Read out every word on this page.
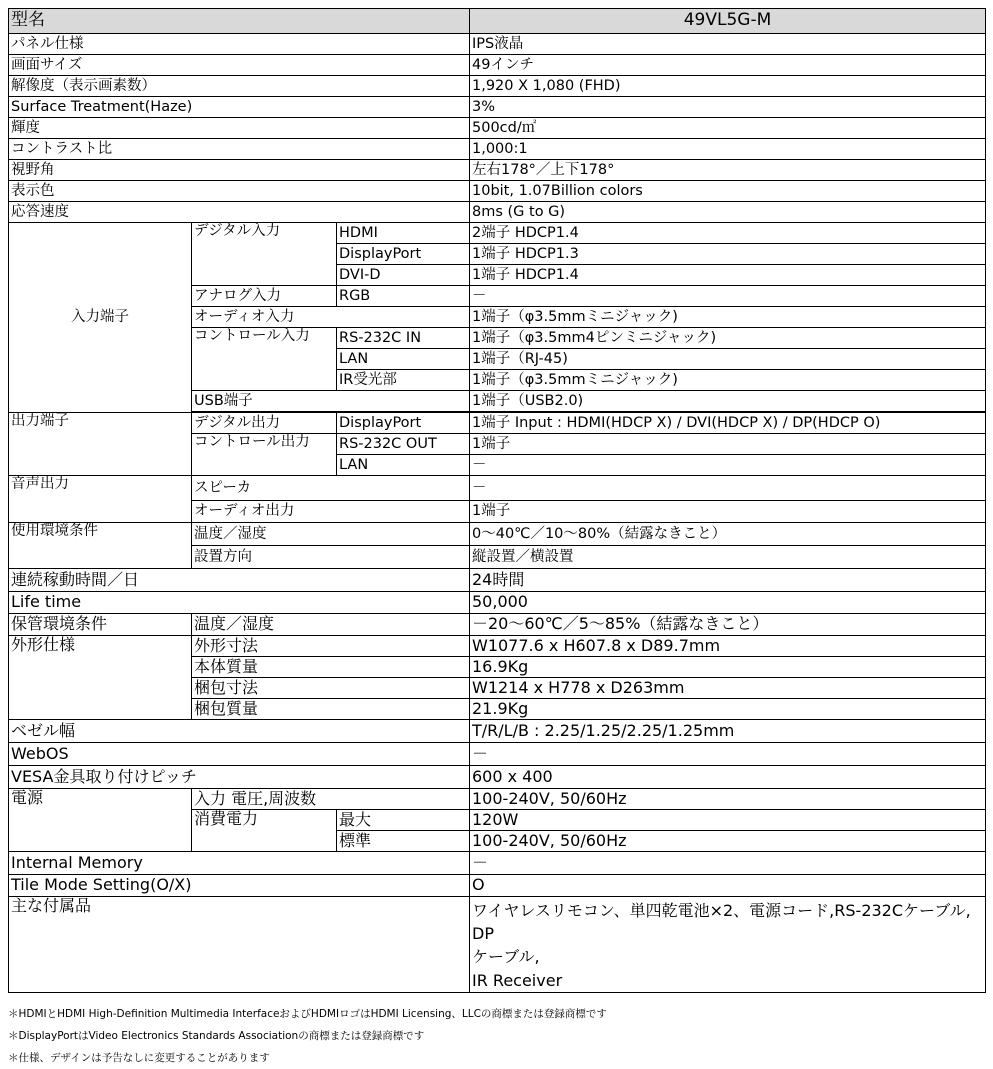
型名			49VL5G-M
パネル仕様			IPS液晶
画面サイズ			49インチ
解像度（表示画素数）			1,920 X 1,080 (FHD)
Surface Treatment(Haze)			3%
輝度			500cd/㎡
コントラスト比			1,000:1
視野角			左右178°／上下178°
表示色			10bit, 1.07Billion colors
応答速度			8ms (G to G)
入力端子	デジタル入力	HDMI	2端子 HDCP1.4
		DisplayPort	1端子 HDCP1.3
		DVI-D	1端子 HDCP1.4
	アナログ入力	RGB	－
	オーディオ入力		1端子（φ3.5mmミニジャック)
	コントロール入力	RS-232C IN	1端子（φ3.5mm4ピンミニジャック)
		LAN	1端子（RJ-45)
		IR受光部	1端子（φ3.5mmミニジャック)
	USB端子		1端子（USB2.0)

出力端子	デジタル出力	DisplayPort	1端子 Input : HDMI(HDCP X) / DVI(HDCP X) / DP(HDCP O)
	コントロール出力	RS-232C OUT	1端子
		LAN	－
音声出力	スピーカ		－
	オーディオ出力		1端子
使用環境条件	温度／湿度		0～40℃／10～80%（結露なきこと）
	設置方向		縦設置／横設置
連続稼動時間／日			24時間
Life time			50,000
保管環境条件	温度／湿度		－20～60℃／5～85%（結露なきこと）
外形仕様	外形寸法		W1077.6 x H607.8 x D89.7mm
	本体質量		16.9Kg
	梱包寸法		W1214 x H778 x D263mm
	梱包質量		21.9Kg
ベゼル幅			T/R/L/B : 2.25/1.25/2.25/1.25mm
WebOS			－
VESA金具取り付けピッチ			600 x 400
電源	入力 電圧,周波数		100-240V, 50/60Hz
	消費電力	最大	120W
		標準	100-240V, 50/60Hz
Internal Memory			－
Tile Mode Setting(O/X)			O
主な付属品			ワイヤレスリモコン、単四乾電池×2、電源コード,RS-232Cケーブル, DP
ケーブル,
IR Receiver
＊HDMIとHDMI High-Definition Multimedia InterfaceおよびHDMIロゴはHDMI Licensing、LLCの商標または登録商標です
＊DisplayPortはVideo Electronics Standards Associationの商標または登録商標です
＊仕様、デザインは予告なしに変更することがあります
